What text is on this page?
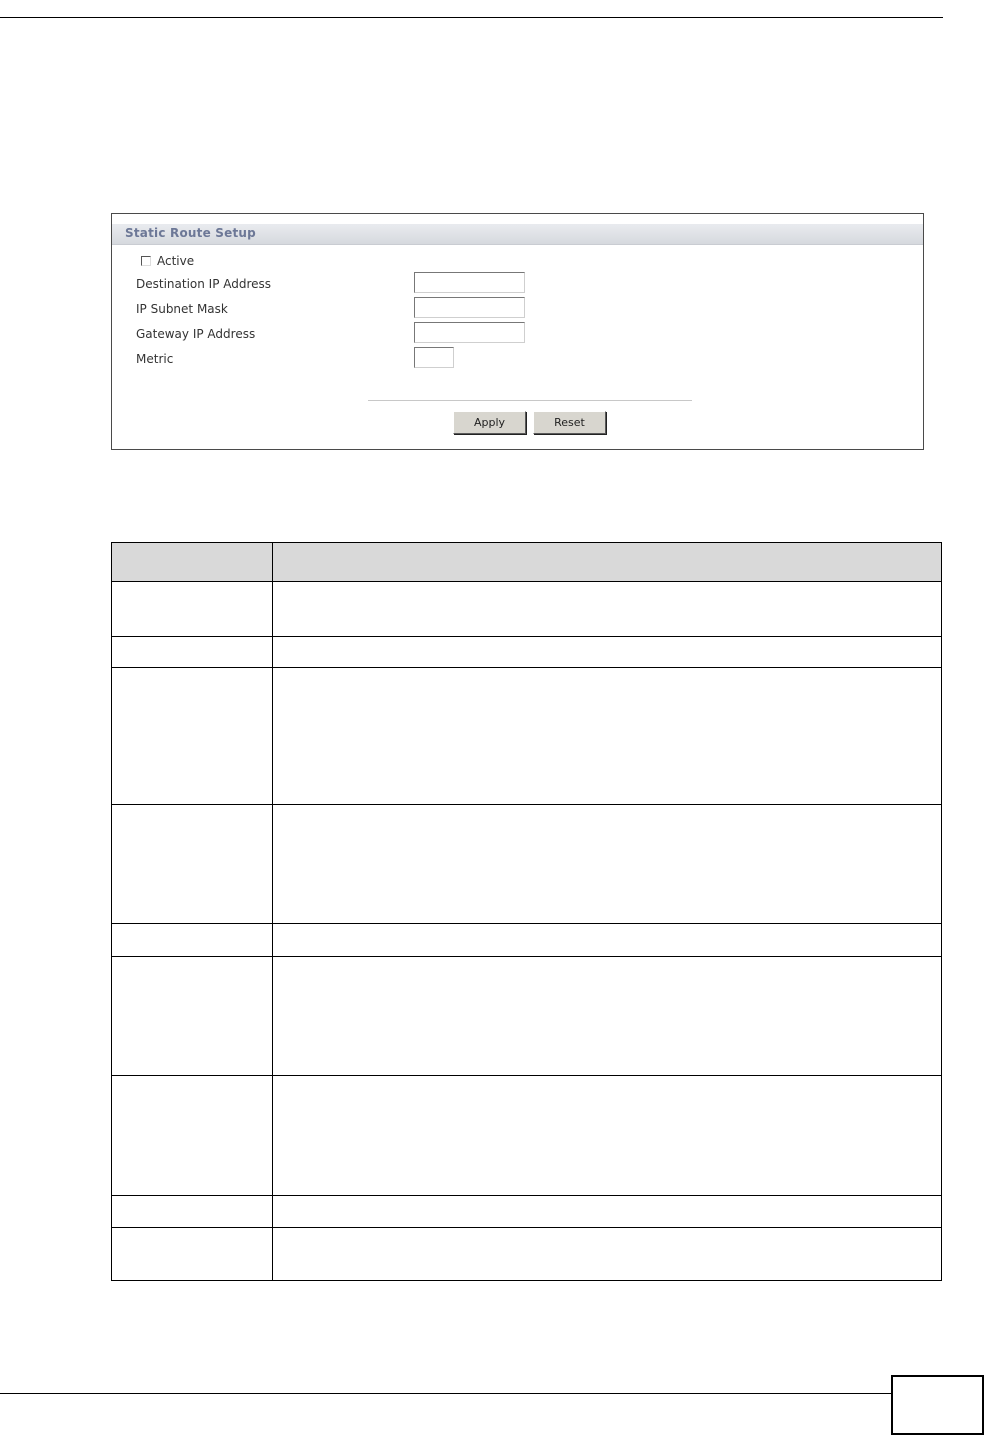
Static Route Setup
Active
Destination IP Address
IP Subnet Mask
Gateway IP Address
Metric
Apply	Reset
